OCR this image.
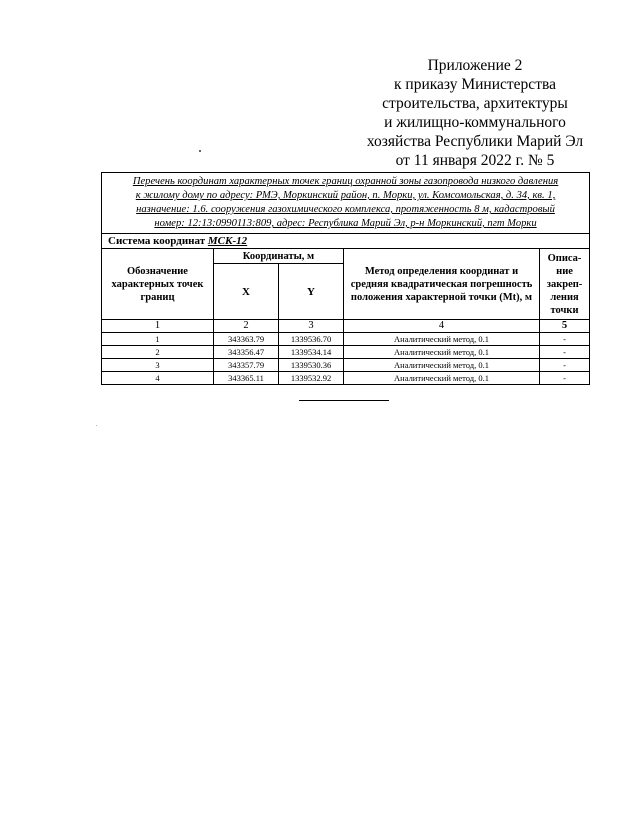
Приложение 2
к приказу Министерства
строительства, архитектуры
и жилищно-коммунального
хозяйства Республики Марий Эл
от 11 января 2022 г. № 5
Перечень координат характерных точек границ охранной зоны газопровода низкого давления
к жилому дому по адресу: РМЭ, Моркинский район, п. Морки, ул. Комсомольская, д. 34, кв. 1,
назначение: 1.6. сооружения газохимического комплекса, протяженность 8 м, кадастровый
номер: 12:13:0990113:809, адрес: Республика Марий Эл, р-н Моркинский, пгт Морки				

Система координат МСК-12				
Обозначение характерных точек границ	Координаты, м		Метод определения координат и средняя квадратическая погрешность положения характерной точки (Mt), м	Описа-ние закреп-ления точки
	X	Y		
1	2	3	4	5
1	343363.79	1339536.70	Аналитический метод, 0.1	-
2	343356.47	1339534.14	Аналитический метод, 0.1	-
3	343357.79	1339530.36	Аналитический метод, 0.1	-
4	343365.11	1339532.92	Аналитический метод, 0.1	-
